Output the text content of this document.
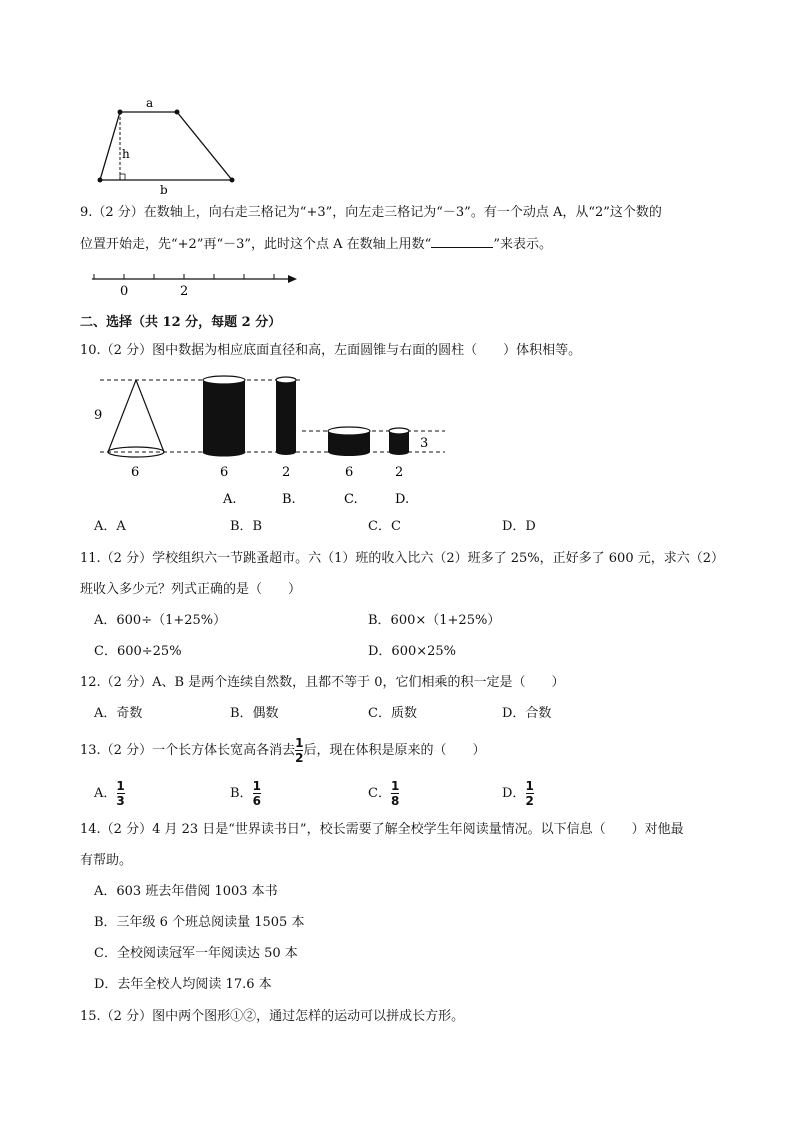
a
h
b
9.（2 分）在数轴上，向右走三格记为“+3”，向左走三格记为“－3”。有一个动点 A，从“2”这个数的
位置开始走，先“+2”再“－3”，此时这个点 A 在数轴上用数“	”来表示。
0	2
二、选择（共 12 分，每题 2 分）
10.（2 分）图中数据为相应底面直径和高，左面圆锥与右面的圆柱（　　）体积相等。
9
6
3
6	2	6	2
A.	B.	C.	D.
A．A	B．B	C．C	D．D
11.（2 分）学校组织六一节跳蚤超市。六（1）班的收入比六（2）班多了 25%，正好多了 600 元，求六（2）
班收入多少元？列式正确的是（　　）
A．600÷（1+25%）	B．600×（1+25%）
C．600÷25%	D．600×25%
12.（2 分）A、B 是两个连续自然数，且都不等于 0，它们相乘的积一定是（　　）
A．奇数	B．偶数	C．质数	D．合数
13.（2 分）一个长方体长宽高各消去 $\frac{1}{2}$ 后，现在体积是原来的（　　）
A． $\frac{1}{3}$	B． $\frac{1}{6}$	C． $\frac{1}{8}$	D． $\frac{1}{2}$
14.（2 分）4 月 23 日是“世界读书日”，校长需要了解全校学生年阅读量情况。以下信息（　　）对他最
有帮助。
A．603 班去年借阅 1003 本书
B．三年级 6 个班总阅读量 1505 本
C．全校阅读冠军一年阅读达 50 本
D．去年全校人均阅读 17.6 本
15.（2 分）图中两个图形①②，通过怎样的运动可以拼成长方形。
